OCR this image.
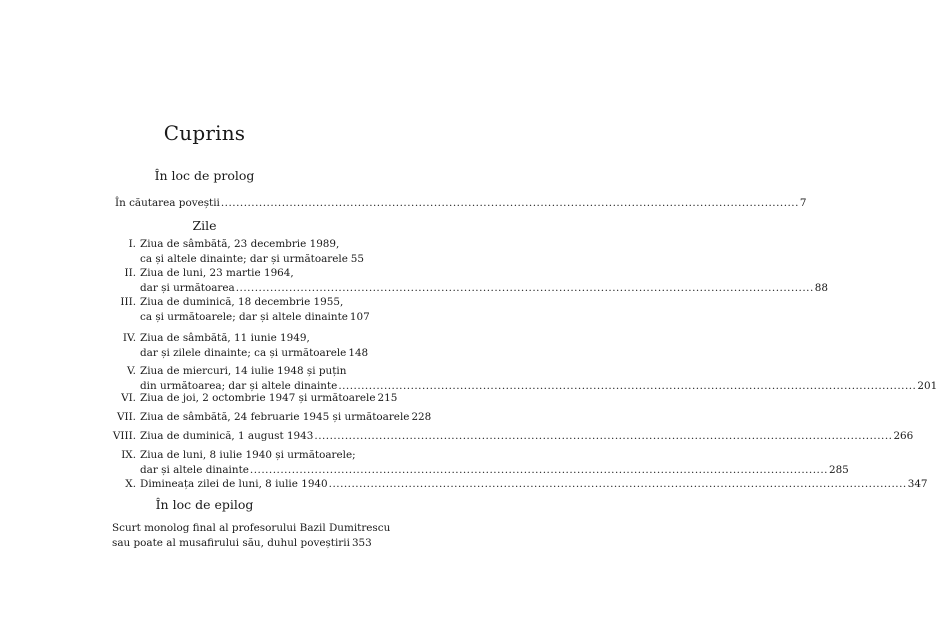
Cuprins
În loc de prolog
În căutarea poveștii .....	7
Zile
I. Ziua de sâmbătă, 23 decembrie 1989,
ca și altele dinainte; dar și următoarele ..... 55
II. Ziua de luni, 23 martie 1964,
dar și următoarea .....	88
III. Ziua de duminică, 18 decembrie 1955,
ca și următoarele; dar și altele dinainte 107
IV. Ziua de sâmbătă, 11 iunie 1949,
dar și zilele dinainte; ca și următoarele 148
V. Ziua de miercuri, 14 iulie 1948 și puțin
din următoarea; dar și altele dinainte .....	201
VI. Ziua de joi, 2 octombrie 1947 și următoarele 215
VII. Ziua de sâmbătă, 24 februarie 1945 și următoarele 228
VIII. Ziua de duminică, 1 august 1943 .....	266
IX. Ziua de luni, 8 iulie 1940 și următoarele;
dar și altele dinainte .....	285
X. Dimineața zilei de luni, 8 iulie 1940 .....	347
În loc de epilog
Scurt monolog final al profesorului Bazil Dumitrescu
sau poate al musafirului său, duhul poveștirii 353
